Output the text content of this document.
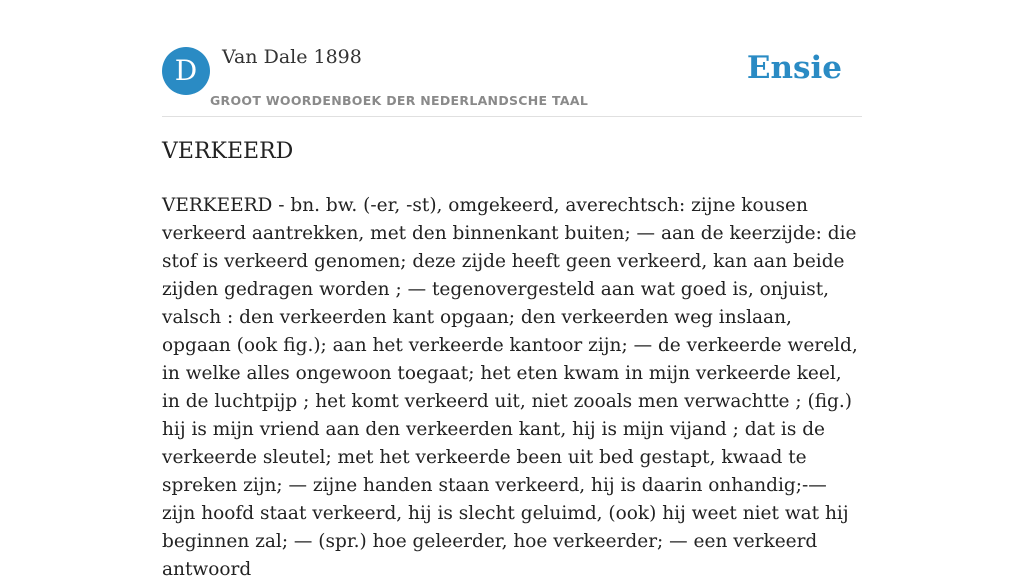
D	Van Dale 1898
GROOT WOORDENBOEK DER NEDERLANDSCHE TAAL
Ensie
VERKEERD

VERKEERD - bn. bw. (-er, -st), omgekeerd, averechtsch: zijne kousen verkeerd aantrekken, met den binnenkant buiten; — aan de keerzijde: die stof is verkeerd genomen; deze zijde heeft geen verkeerd, kan aan beide zijden gedragen worden ; — tegenovergesteld aan wat goed is, onjuist, valsch : den verkeerden kant opgaan; den verkeerden weg inslaan, opgaan (ook fig.); aan het verkeerde kantoor zijn; — de verkeerde wereld, in welke alles ongewoon toegaat; het eten kwam in mijn verkeerde keel, in de luchtpijp ; het komt verkeerd uit, niet zooals men verwachtte ; (fig.) hij is mijn vriend aan den verkeerden kant, hij is mijn vijand ; dat is de verkeerde sleutel; met het verkeerde been uit bed gestapt, kwaad te spreken zijn; — zijne handen staan verkeerd, hij is daarin onhandig;-— zijn hoofd staat verkeerd, hij is slecht geluimd, (ook) hij weet niet wat hij beginnen zal; — (spr.) hoe geleerder, hoe verkeerder; — een verkeerd antwoord
